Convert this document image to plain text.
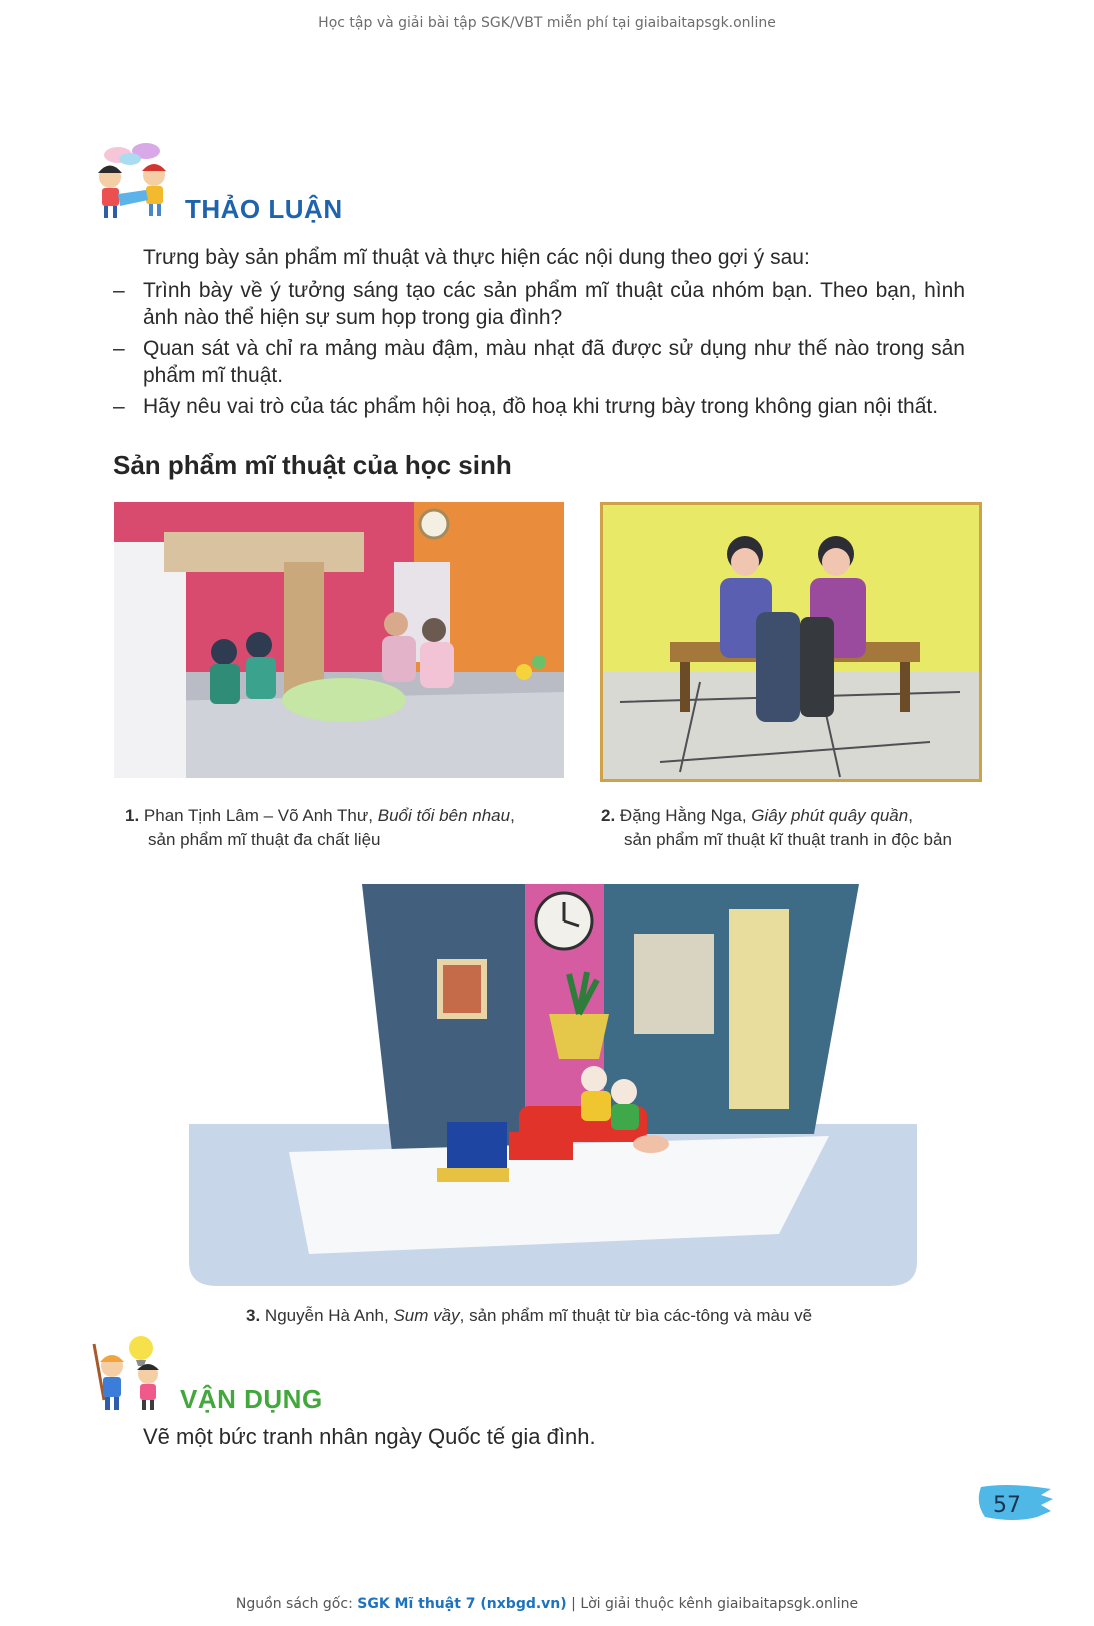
Học tập và giải bài tập SGK/VBT miễn phí tại giaibaitapsgk.online
THẢO LUẬN
Trưng bày sản phẩm mĩ thuật và thực hiện các nội dung theo gợi ý sau:
– Trình bày về ý tưởng sáng tạo các sản phẩm mĩ thuật của nhóm bạn. Theo bạn, hình ảnh nào thể hiện sự sum họp trong gia đình?
– Quan sát và chỉ ra mảng màu đậm, màu nhạt đã được sử dụng như thế nào trong sản phẩm mĩ thuật.
– Hãy nêu vai trò của tác phẩm hội hoạ, đồ hoạ khi trưng bày trong không gian nội thất.
Sản phẩm mĩ thuật của học sinh
1. Phan Tịnh Lâm – Võ Anh Thư, Buổi tối bên nhau,
sản phẩm mĩ thuật đa chất liệu
2. Đặng Hằng Nga, Giây phút quây quần,
sản phẩm mĩ thuật kĩ thuật tranh in độc bản
3. Nguyễn Hà Anh, Sum vầy, sản phẩm mĩ thuật từ bìa các-tông và màu vẽ
VẬN DỤNG
Vẽ một bức tranh nhân ngày Quốc tế gia đình.
57
Nguồn sách gốc: SGK Mĩ thuật 7 (nxbgd.vn) | Lời giải thuộc kênh giaibaitapsgk.online
